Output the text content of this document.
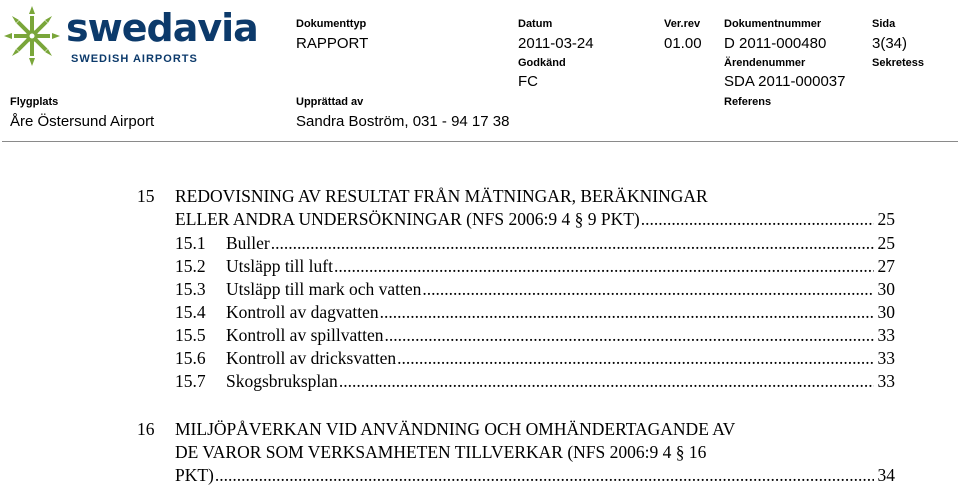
swedavia
SWEDISH AIRPORTS
Dokumenttyp	Datum	Ver.rev Dokumentnummer	Sida
RAPPORT	2011-03-24	01.00 D 2011-000480	3(34)
Godkänd	Ärendenummer	Sekretess
FC	SDA 2011-000037
Flygplats	Upprättad av	Referens
Åre Östersund Airport	Sandra Boström, 031 - 94 17 38
15 REDOVISNING AV RESULTAT FRÅN MÄTNINGAR, BERÄKNINGAR
ELLER ANDRA UNDERSÖKNINGAR (NFS 2006:9 4 § 9 PKT) .....	25
15.1 Buller .....	25
15.2 Utsläpp till luft .....	27
15.3 Utsläpp till mark och vatten .....	30
15.4 Kontroll av dagvatten .....	30
15.5 Kontroll av spillvatten .....	33
15.6 Kontroll av dricksvatten .....	33
15.7 Skogsbruksplan .....	33
16 MILJÖPÅVERKAN VID ANVÄNDNING OCH OMHÄNDERTAGANDE AV
DE VAROR SOM VERKSAMHETEN TILLVERKAR (NFS 2006:9 4 § 16
PKT) .....	34
